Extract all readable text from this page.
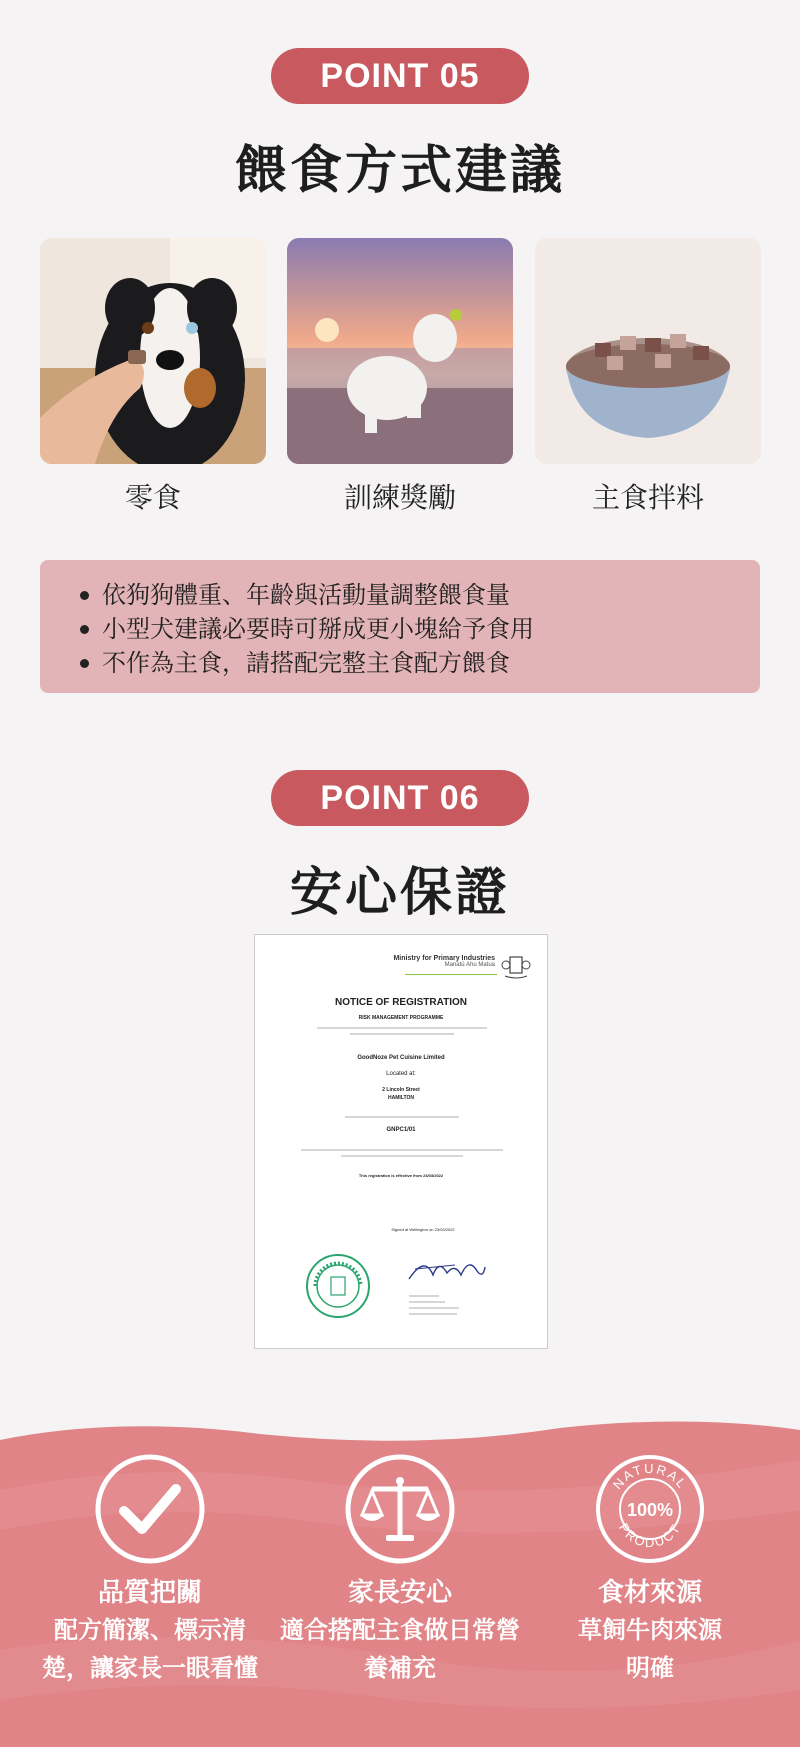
POINT 05
餵食方式建議
零食	訓練獎勵	主食拌料
依狗狗體重、年齡與活動量調整餵食量
小型犬建議必要時可掰成更小塊給予食用
不作為主食，請搭配完整主食配方餵食
POINT 06
安心保證
Ministry for Primary Industries
Manatū Ahu Matua
NOTICE OF REGISTRATION
RISK MANAGEMENT PROGRAMME
GoodNoze Pet Cuisine Limited
Located at:
2 Lincoln Street
HAMILTON
GNPC1/01
This registration is effective from 23/03/2022
Signed at Wellington on 23/03/2022
品質把關
配方簡潔、標示清
楚，讓家長一眼看懂
家長安心
適合搭配主食做日常營
養補充
NATURAL
PRODUCT
100%
食材來源
草飼牛肉來源
明確
